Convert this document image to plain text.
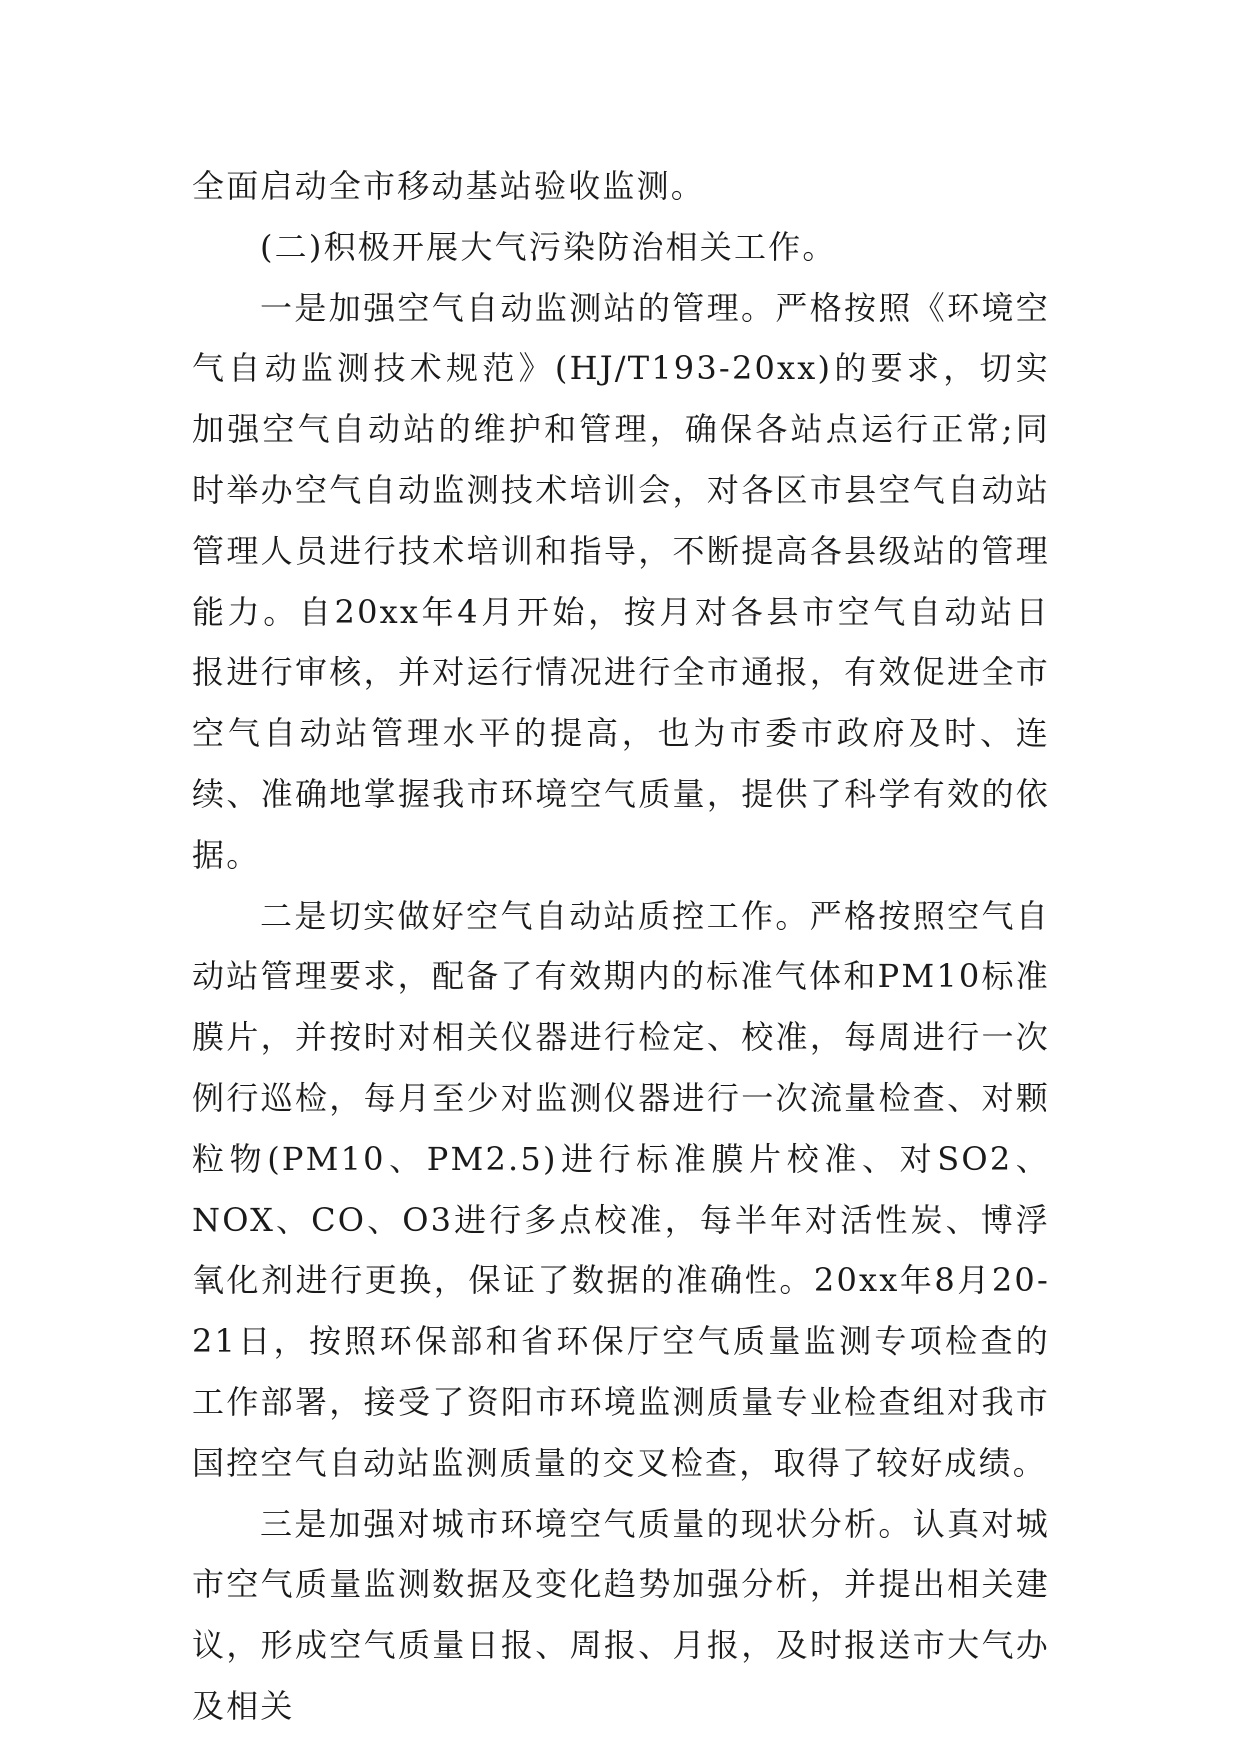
全面启动全市移动基站验收监测。

(二)积极开展大气污染防治相关工作。

一是加强空气自动监测站的管理。严格按照《环境空气自动监测技术规范》(HJ/T193-20xx)的要求，切实加强空气自动站的维护和管理，确保各站点运行正常;同时举办空气自动监测技术培训会，对各区市县空气自动站管理人员进行技术培训和指导，不断提高各县级站的管理能力。自20xx年4月开始，按月对各县市空气自动站日报进行审核，并对运行情况进行全市通报，有效促进全市空气自动站管理水平的提高，也为市委市政府及时、连续、准确地掌握我市环境空气质量，提供了科学有效的依据。

二是切实做好空气自动站质控工作。严格按照空气自动站管理要求，配备了有效期内的标准气体和PM10标准膜片，并按时对相关仪器进行检定、校准，每周进行一次例行巡检，每月至少对监测仪器进行一次流量检查、对颗粒物(PM10、PM2.5)进行标准膜片校准、对SO2、NOX、CO、O3进行多点校准，每半年对活性炭、博浮氧化剂进行更换，保证了数据的准确性。20xx年8月20-21日，按照环保部和省环保厅空气质量监测专项检查的工作部署，接受了资阳市环境监测质量专业检查组对我市国控空气自动站监测质量的交叉检查，取得了较好成绩。

三是加强对城市环境空气质量的现状分析。认真对城市空气质量监测数据及变化趋势加强分析，并提出相关建议，形成空气质量日报、周报、月报，及时报送市大气办及相关
